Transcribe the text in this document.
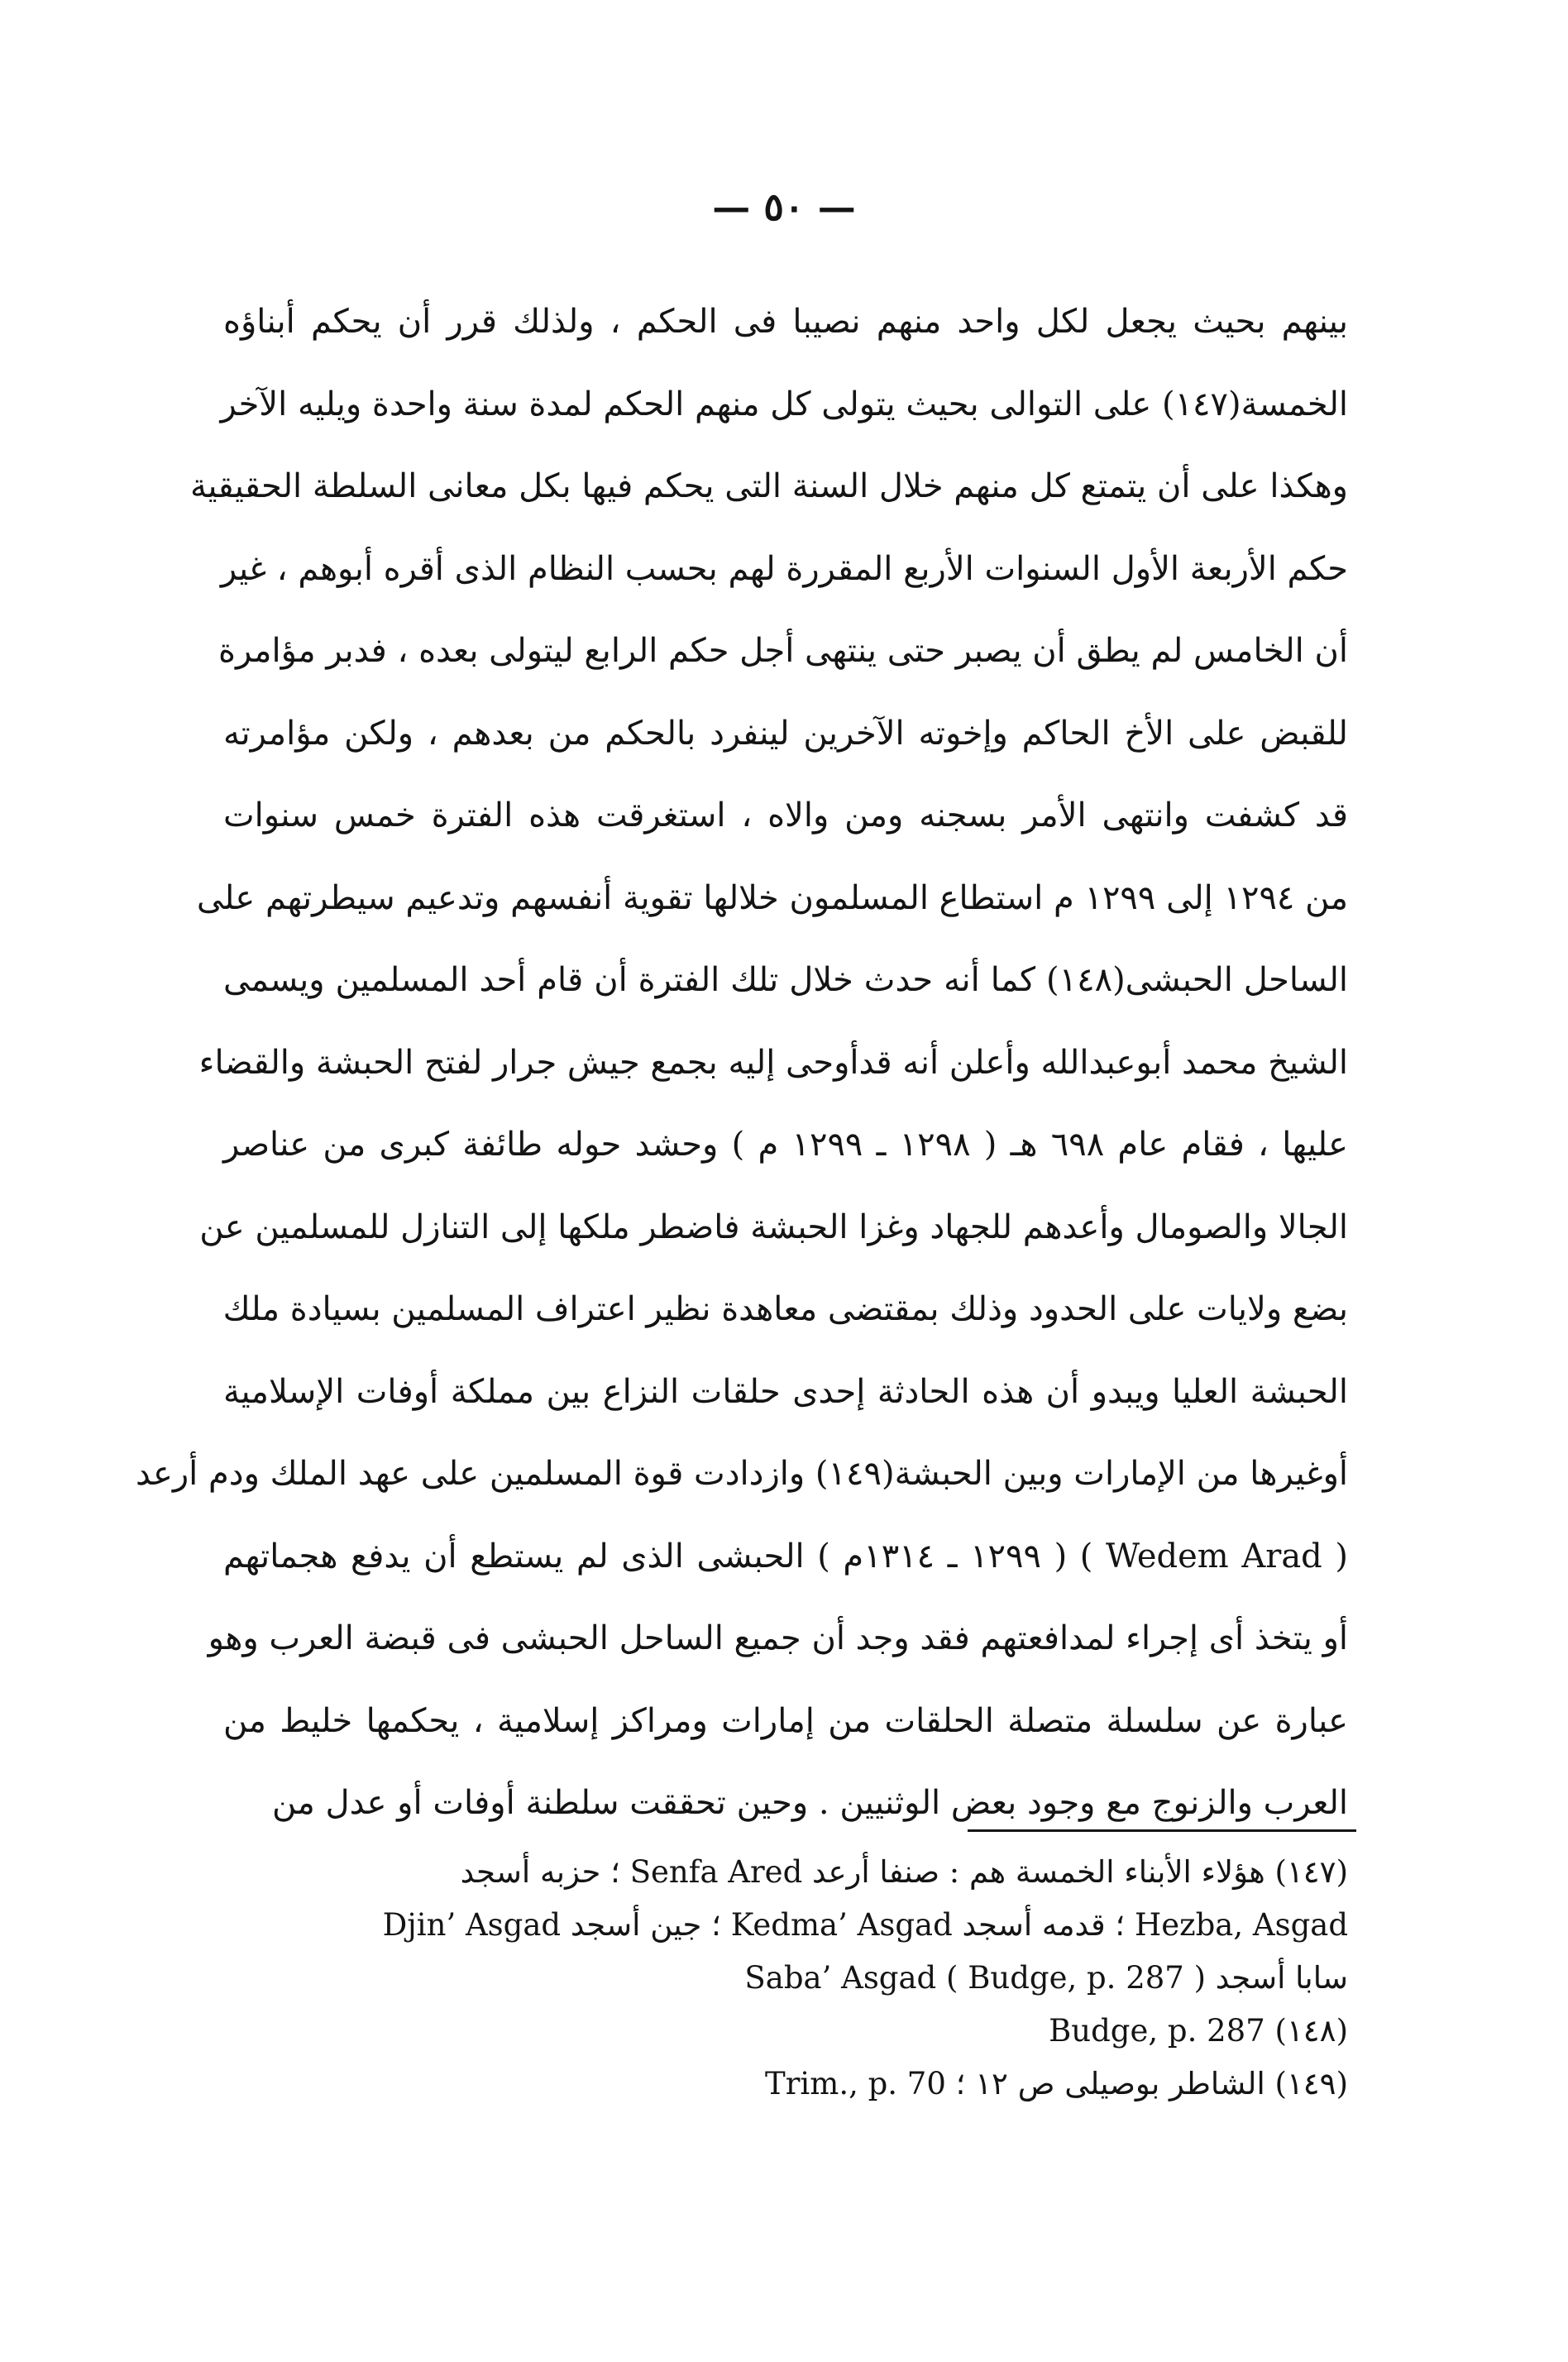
— ٥٠ —
بينهم بحيث يجعل لكل واحد منهم نصيبا فى الحكم ، ولذلك قرر أن يحكم أبناؤه
الخمسة(١٤٧) على التوالى بحيث يتولى كل منهم الحكم لمدة سنة واحدة ويليه الآخر
وهكذا على أن يتمتع كل منهم خلال السنة التى يحكم فيها بكل معانى السلطة الحقيقية
حكم الأربعة الأول السنوات الأربع المقررة لهم بحسب النظام الذى أقره أبوهم ، غير
أن الخامس لم يطق أن يصبر حتى ينتهى أجل حكم الرابع ليتولى بعده ، فدبر مؤامرة
للقبض على الأخ الحاكم وإخوته الآخرين لينفرد بالحكم من بعدهم ، ولكن مؤامرته
قد كشفت وانتهى الأمر بسجنه ومن والاه ، استغرقت هذه الفترة خمس سنوات
من ١٢٩٤ إلى ١٢٩٩ م استطاع المسلمون خلالها تقوية أنفسهم وتدعيم سيطرتهم على
الساحل الحبشى(١٤٨) كما أنه حدث خلال تلك الفترة أن قام أحد المسلمين ويسمى
الشيخ محمد أبوعبدالله وأعلن أنه قدأوحى إليه بجمع جيش جرار لفتح الحبشة والقضاء
عليها ، فقام عام ٦٩٨ هـ ( ١٢٩٨ ـ ١٢٩٩ م ) وحشد حوله طائفة كبرى من عناصر
الجالا والصومال وأعدهم للجهاد وغزا الحبشة فاضطر ملكها إلى التنازل للمسلمين عن
بضع ولايات على الحدود وذلك بمقتضى معاهدة نظير اعتراف المسلمين بسيادة ملك
الحبشة العليا ويبدو أن هذه الحادثة إحدى حلقات النزاع بين مملكة أوفات الإسلامية
أوغيرها من الإمارات وبين الحبشة(١٤٩) وازدادت قوة المسلمين على عهد الملك ودم أرعد
( Wedem Arad ) ( ١٢٩٩ ـ ١٣١٤م ) الحبشى الذى لم يستطع أن يدفع هجماتهم
أو يتخذ أى إجراء لمدافعتهم فقد وجد أن جميع الساحل الحبشى فى قبضة العرب وهو
عبارة عن سلسلة متصلة الحلقات من إمارات ومراكز إسلامية ، يحكمها خليط من
العرب والزنوج مع وجود بعض الوثنيين . وحين تحققت سلطنة أوفات أو عدل من
(١٤٧) هؤلاء الأبناء الخمسة هم : صنفا أرعد Senfa Ared ؛ حزبه أسجد
Hezba, Asgad ؛ قدمه أسجد Kedma’ Asgad ؛ جين أسجد Djin’ Asgad
سابا أسجد Saba’ Asgad ( Budge, p. 287 )
(١٤٨) Budge, p. 287
(١٤٩) الشاطر بوصيلى ص ١٢ ؛ Trim., p. 70
